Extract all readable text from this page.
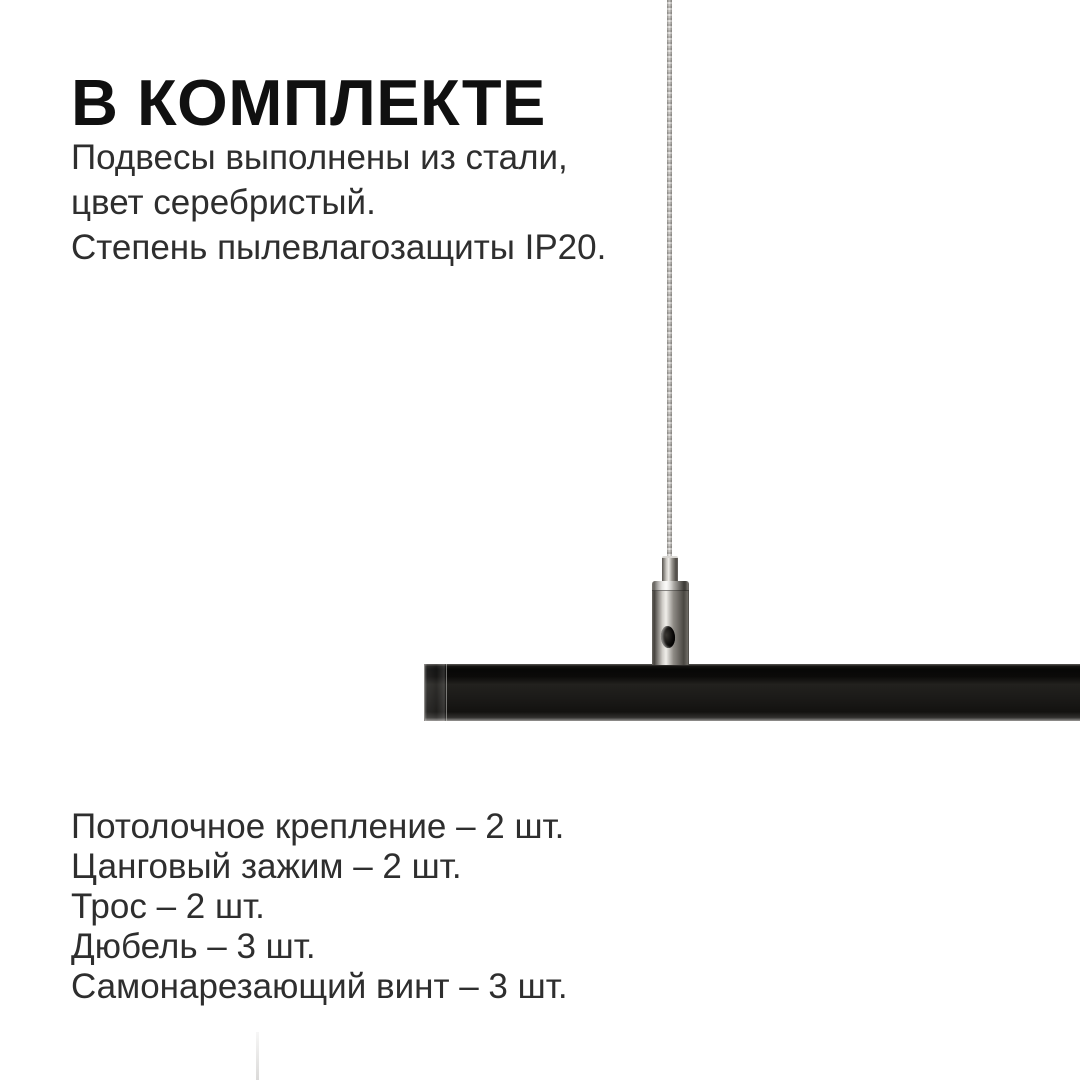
В КОМПЛЕКТЕ
Подвесы выполнены из стали,
цвет серебристый.
Степень пылевлагозащиты IP20.
Потолочное крепление – 2 шт.
Цанговый зажим – 2 шт.
Трос – 2 шт.
Дюбель – 3 шт.
Самонарезающий винт – 3 шт.
